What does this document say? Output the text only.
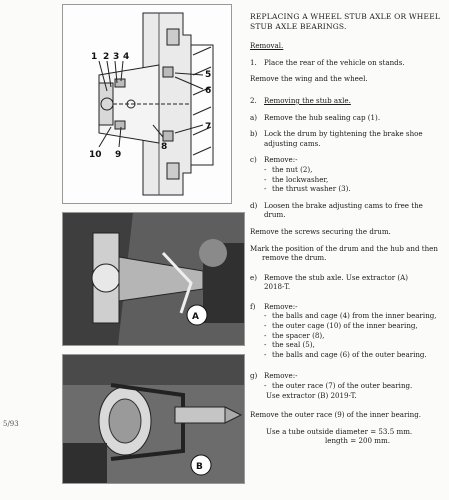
5/93
1 2 3 4
5
6
7
8
9
10
A
B
REPLACING A WHEEL STUB AXLE OR WHEEL
STUB AXLE BEARINGS.
Removal.
1.	Place the rear of the vehicle on stands.
Remove the wing and the wheel.
2.	Removing the stub axle.
a) Remove the hub sealing cap (1).
b) Lock the drum by tightening the brake shoe
adjusting cams.
c)	Remove:-
- the nut (2),
- the lockwasher,
- the thrust washer (3).
d) Loosen the brake adjusting cams to free the
drum.
Remove the screws securing the drum.
Mark the position of the drum and the hub and then
remove the drum.
e) Remove the stub axle. Use extractor (A)
2018-T.
f)	Remove:-
- the balls and cage (4) from the inner bearing,
- the outer cage (10) of the inner bearing,
- the spacer (8),
- the seal (5),
- the balls and cage (6) of the outer bearing.
g) Remove:-
- the outer race (7) of the outer bearing.
Use extractor (B) 2019-T.
Remove the outer race (9) of the inner bearing.
Use a tube outside diameter = 53.5 mm.
length = 200 mm.
